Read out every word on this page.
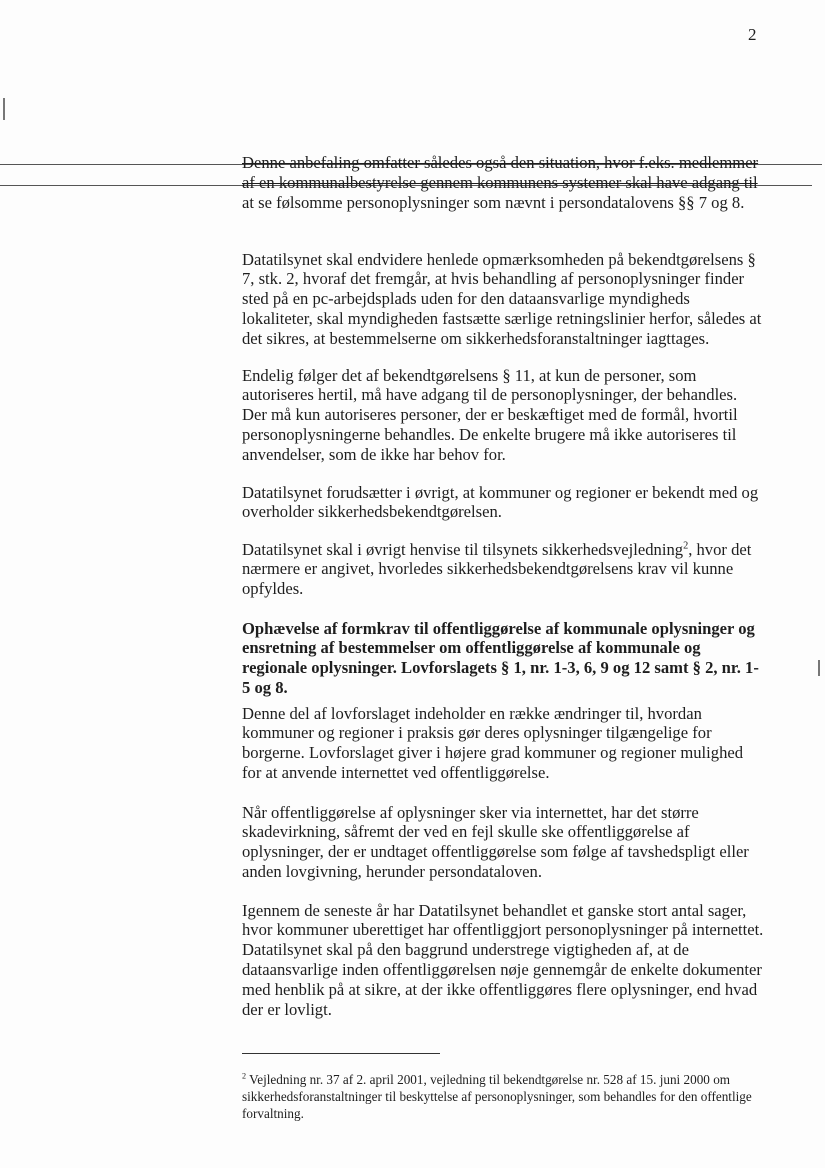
2
Denne anbefaling omfatter således også den situation, hvor f.eks. medlemmer
af en kommunalbestyrelse gennem kommunens systemer skal have adgang til
at se følsomme personoplysninger som nævnt i persondatalovens §§ 7 og 8.

Datatilsynet skal endvidere henlede opmærksomheden på bekendtgørelsens § 7, stk. 2, hvoraf det fremgår, at hvis behandling af personoplysninger finder sted på en pc-arbejdsplads uden for den dataansvarlige myndigheds lokaliteter, skal myndigheden fastsætte særlige retningslinier herfor, således at det sikres, at bestemmelserne om sikkerhedsforanstaltninger iagttages.

Endelig følger det af bekendtgørelsens § 11, at kun de personer, som autoriseres hertil, må have adgang til de personoplysninger, der behandles. Der må kun autoriseres personer, der er beskæftiget med de formål, hvortil personoplysningerne behandles. De enkelte brugere må ikke autoriseres til anvendelser, som de ikke har behov for.

Datatilsynet forudsætter i øvrigt, at kommuner og regioner er bekendt med og overholder sikkerhedsbekendtgørelsen.

Datatilsynet skal i øvrigt henvise til tilsynets sikkerhedsvejledning$^2$, hvor det nærmere er angivet, hvorledes sikkerhedsbekendtgørelsens krav vil kunne opfyldes.

Ophævelse af formkrav til offentliggørelse af kommunale oplysninger og ensretning af bestemmelser om offentliggørelse af kommunale og regionale oplysninger. Lovforslagets § 1, nr. 1-3, 6, 9 og 12 samt § 2, nr. 1-5 og 8.

Denne del af lovforslaget indeholder en række ændringer til, hvordan kommuner og regioner i praksis gør deres oplysninger tilgængelige for borgerne. Lovforslaget giver i højere grad kommuner og regioner mulighed for at anvende internettet ved offentliggørelse.

Når offentliggørelse af oplysninger sker via internettet, har det større skadevirkning, såfremt der ved en fejl skulle ske offentliggørelse af oplysninger, der er undtaget offentliggørelse som følge af tavshedspligt eller anden lovgivning, herunder persondataloven.

Igennem de seneste år har Datatilsynet behandlet et ganske stort antal sager, hvor kommuner uberettiget har offentliggjort personoplysninger på internettet. Datatilsynet skal på den baggrund understrege vigtigheden af, at de dataansvarlige inden offentliggørelsen nøje gennemgår de enkelte dokumenter med henblik på at sikre, at der ikke offentliggøres flere oplysninger, end hvad der er lovligt.

$^2$ Vejledning nr. 37 af 2. april 2001, vejledning til bekendtgørelse nr. 528 af 15. juni 2000 om sikkerhedsforanstaltninger til beskyttelse af personoplysninger, som behandles for den offentlige forvaltning.
